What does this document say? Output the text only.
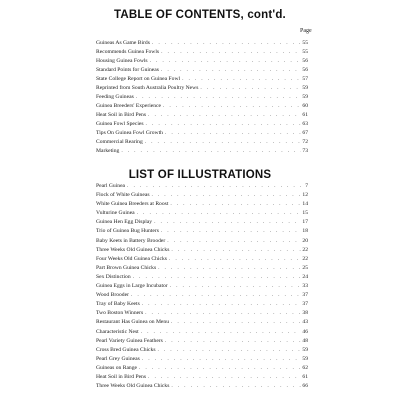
TABLE OF CONTENTS, cont'd.
Page
Guineas As Game Birds . . .	55
Recommends Guinea Fowls . . .	55
Housing Guinea Fowls . . .	56
Standard Points for Guineas . . .	56
State College Report on Guinea Fowl . . .	57
Reprinted from South Australia Poultry News . . .	59
Feeding Guineas . . .	59
Guinea Breeders' Experience . . .	60
Heat Soil in Bird Pens . . .	61
Guinea Fowl Species . . .	63
Tips On Guinea Fowl Growth . . .	67
Commercial Rearing . . .	72
Marketing . . .	73
LIST OF ILLUSTRATIONS
Pearl Guinea . . .	7
Flock of White Guineas . . .	12
White Guinea Breeders at Roost . . .	14
Vulturine Guinea . . .	15
Guinea Hen Egg Display . . .	17
Trio of Guinea Bug Hunters . . .	18
Baby Keets in Battery Brooder . . .	20
Three Weeks Old Guinea Chicks . . .	22
Four Weeks Old Guinea Chicks . . .	22
Part Brown Guinea Chicks . . .	25
Sex Distinction . . .	24
Guinea Eggs in Large Incubator . . .	33
Wood Brooder . . .	37
Tray of Baby Keets . . .	37
Two Boston Winners . . .	38
Restaurant Has Guinea on Menu . . .	43
Characteristic Nest . . .	46
Pearl Variety Guinea Feathers . . .	48
Cross Bred Guinea Chicks . . .	59
Pearl Grey Guineas . . .	59
Guineas on Range . . .	62
Heat Soil in Bird Pens . . .	61
Three Weeks Old Guinea Chicks . . .	66
